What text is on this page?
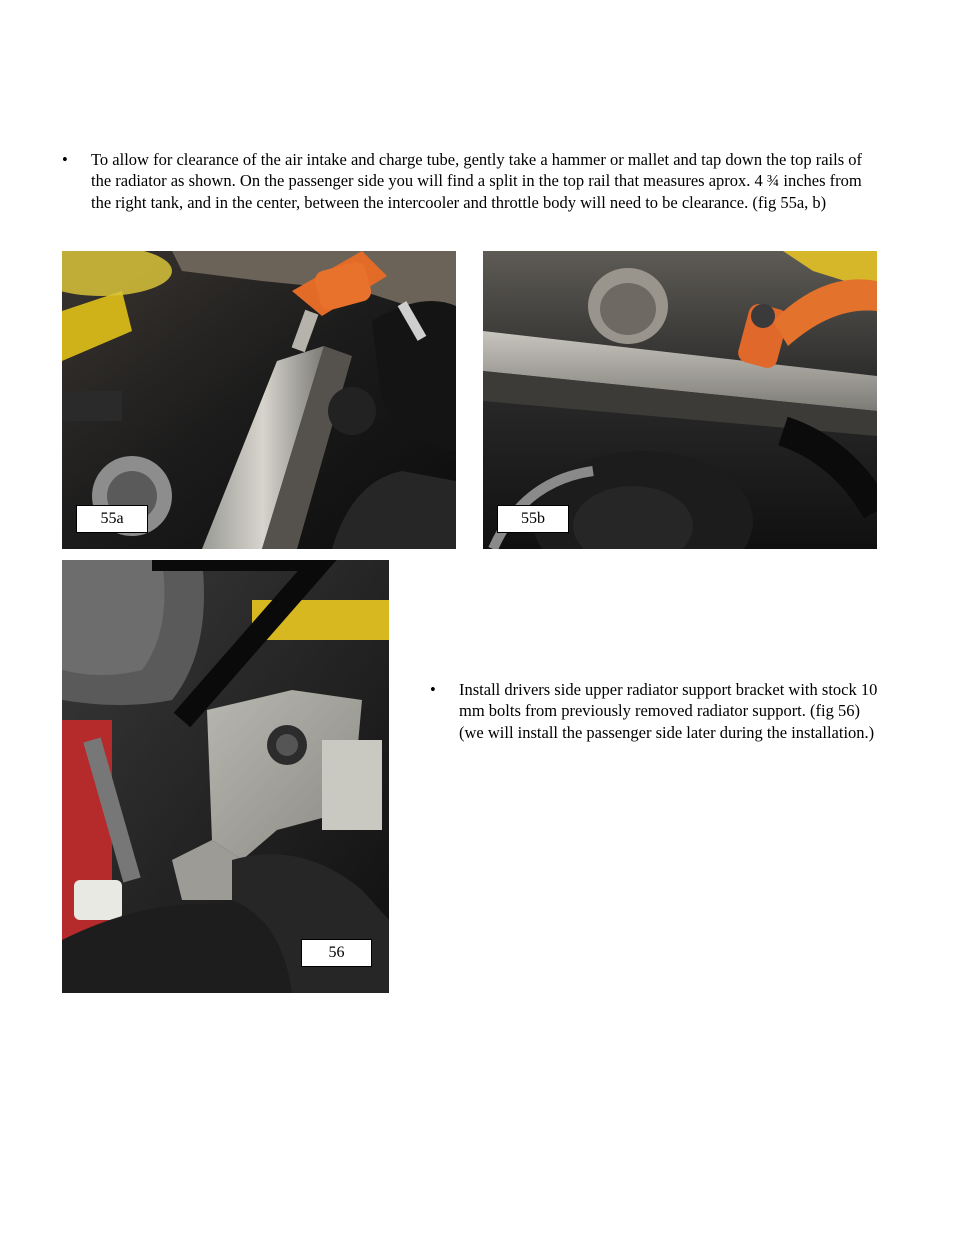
• To allow for clearance of the air intake and charge tube, gently take a hammer or mallet and tap down the top rails of the radiator as shown. On the passenger side you will find a split in the top rail that measures aprox. 4 ¾ inches from the right tank, and in the center, between the intercooler and throttle body will need to be clearance. (fig 55a, b)
55a	55b
56
• Install drivers side upper radiator support bracket with stock 10 mm bolts from previously removed radiator support. (fig 56) (we will install the passenger side later during the installation.)
